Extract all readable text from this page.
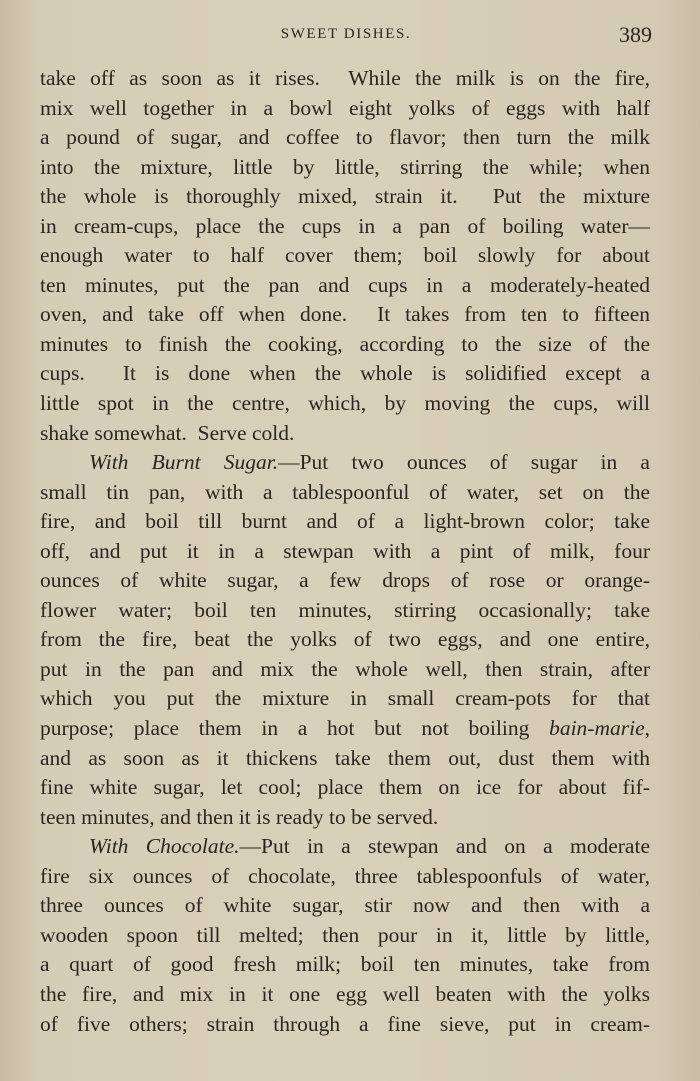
SWEET DISHES.	389
take off as soon as it rises.  While the milk is on the fire,
mix well together in a bowl eight yolks of eggs with half
a pound of sugar, and coffee to flavor; then turn the milk
into the mixture, little by little, stirring the while; when
the whole is thoroughly mixed, strain it.  Put the mixture
in cream-cups, place the cups in a pan of boiling water—
enough water to half cover them; boil slowly for about
ten minutes, put the pan and cups in a moderately-heated
oven, and take off when done.  It takes from ten to fifteen
minutes to finish the cooking, according to the size of the
cups.  It is done when the whole is solidified except a
little spot in the centre, which, by moving the cups, will
shake somewhat.  Serve cold.
With Burnt Sugar.—Put two ounces of sugar in a
small tin pan, with a tablespoonful of water, set on the
fire, and boil till burnt and of a light-brown color; take
off, and put it in a stewpan with a pint of milk, four
ounces of white sugar, a few drops of rose or orange-
flower water; boil ten minutes, stirring occasionally; take
from the fire, beat the yolks of two eggs, and one entire,
put in the pan and mix the whole well, then strain, after
which you put the mixture in small cream-pots for that
purpose; place them in a hot but not boiling bain-marie,
and as soon as it thickens take them out, dust them with
fine white sugar, let cool; place them on ice for about fif-
teen minutes, and then it is ready to be served.
With Chocolate.—Put in a stewpan and on a moderate
fire six ounces of chocolate, three tablespoonfuls of water,
three ounces of white sugar, stir now and then with a
wooden spoon till melted; then pour in it, little by little,
a quart of good fresh milk; boil ten minutes, take from
the fire, and mix in it one egg well beaten with the yolks
of five others; strain through a fine sieve, put in cream-
